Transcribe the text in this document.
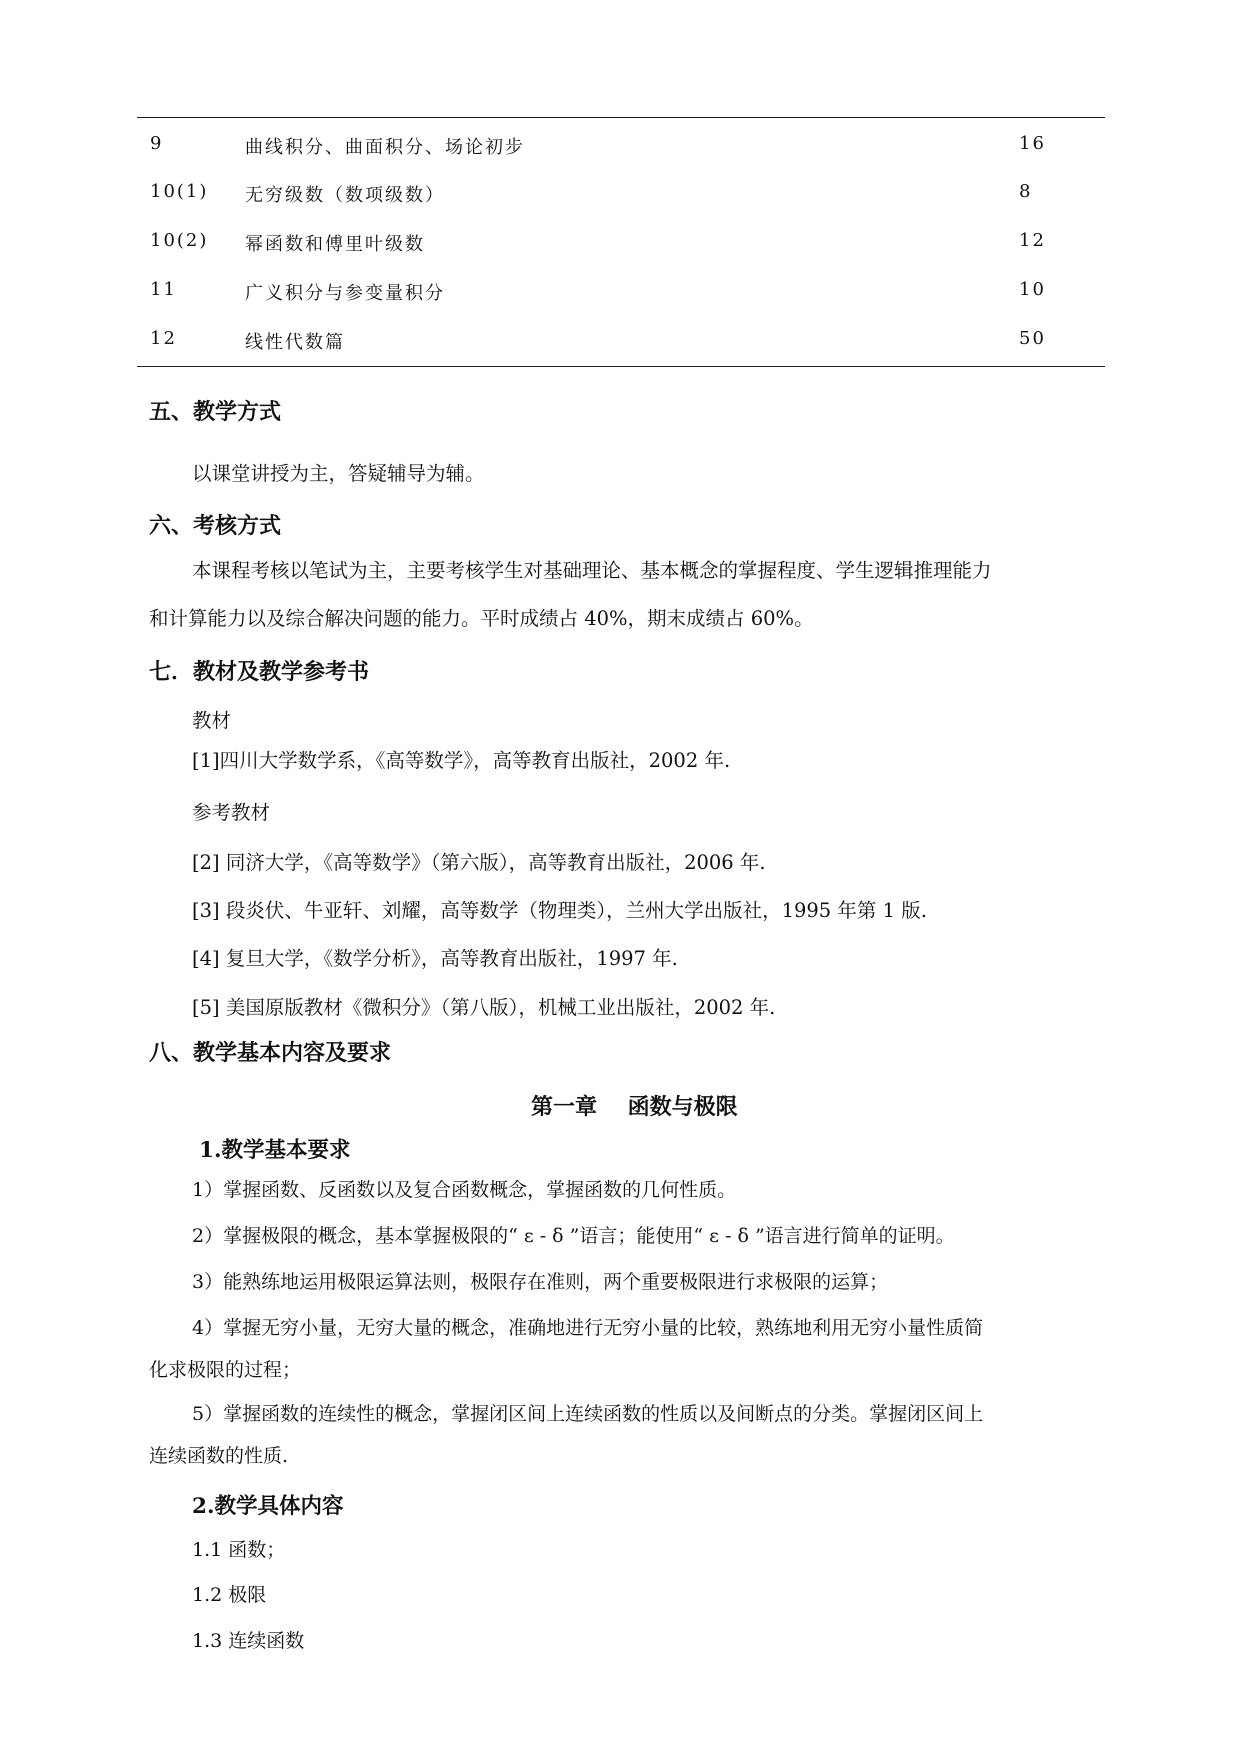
9	曲线积分、曲面积分、场论初步	16
10(1) 无穷级数（数项级数）	8
10(2) 幂函数和傅里叶级数	12
11	广义积分与参变量积分	10
12	线性代数篇	50
五、教学方式
以课堂讲授为主，答疑辅导为辅。
六、考核方式
本课程考核以笔试为主，主要考核学生对基础理论、基本概念的掌握程度、学生逻辑推理能力
和计算能力以及综合解决问题的能力。平时成绩占 40%，期末成绩占 60%。
七．教材及教学参考书
教材
[1]四川大学数学系，《高等数学》，高等教育出版社，2002 年.
参考教材
[2] 同济大学，《高等数学》（第六版），高等教育出版社，2006 年.
[3] 段炎伏、牛亚轩、刘耀，高等数学（物理类），兰州大学出版社，1995 年第 1 版.
[4] 复旦大学，《数学分析》，高等教育出版社，1997 年.
[5] 美国原版教材《微积分》（第八版），机械工业出版社，2002 年.
八、教学基本内容及要求
第一章    函数与极限
1.教学基本要求
1）掌握函数、反函数以及复合函数概念，掌握函数的几何性质。
2）掌握极限的概念，基本掌握极限的“ ε - δ ”语言；能使用“ ε - δ ”语言进行简单的证明。
3）能熟练地运用极限运算法则，极限存在准则，两个重要极限进行求极限的运算；
4）掌握无穷小量，无穷大量的概念，准确地进行无穷小量的比较，熟练地利用无穷小量性质简
化求极限的过程；
5）掌握函数的连续性的概念，掌握闭区间上连续函数的性质以及间断点的分类。掌握闭区间上
连续函数的性质.
2.教学具体内容
1.1 函数；
1.2 极限
1.3 连续函数
